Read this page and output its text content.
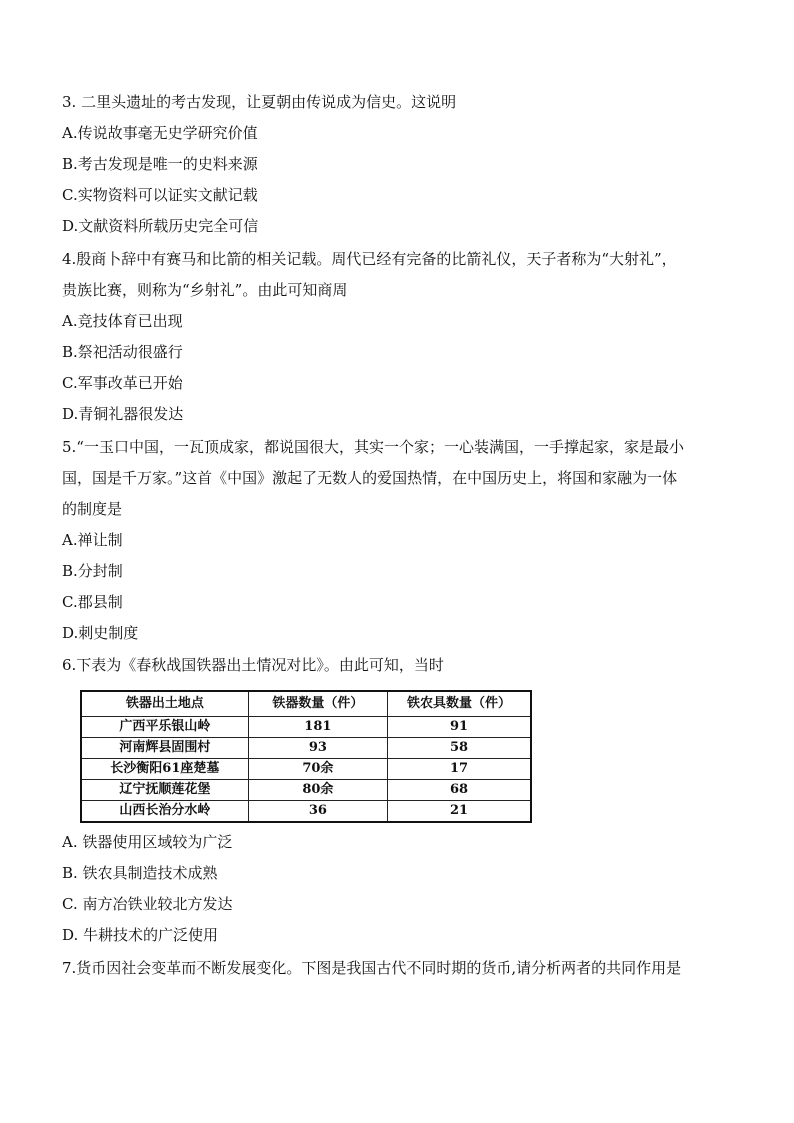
3. 二里头遗址的考古发现，让夏朝由传说成为信史。这说明
A.传说故事毫无史学研究价值
B.考古发现是唯一的史料来源
C.实物资料可以证实文献记载
D.文献资料所载历史完全可信
4.殷商卜辞中有赛马和比箭的相关记载。周代已经有完备的比箭礼仪，天子者称为“大射礼”，
贵族比赛，则称为“乡射礼”。由此可知商周
A.竞技体育已出现
B.祭祀活动很盛行
C.军事改革已开始
D.青铜礼器很发达
5.“一玉口中国，一瓦顶成家，都说国很大，其实一个家；一心装满国，一手撑起家，家是最小
国，国是千万家。”这首《中国》激起了无数人的爱国热情，在中国历史上，将国和家融为一体
的制度是
A.禅让制
B.分封制
C.郡县制
D.刺史制度
6.下表为《春秋战国铁器出土情况对比》。由此可知，当时
铁器出土地点	铁器数量（件）	铁农具数量（件）
广西平乐银山岭	181	91
河南辉县固围村	93	58
长沙衡阳61座楚墓	70余	17
辽宁抚顺莲花堡	80余	68
山西长治分水岭	36	21
A. 铁器使用区域较为广泛
B. 铁农具制造技术成熟
C. 南方冶铁业较北方发达
D. 牛耕技术的广泛使用
7.货币因社会变革而不断发展变化。下图是我国古代不同时期的货币,请分析两者的共同作用是
